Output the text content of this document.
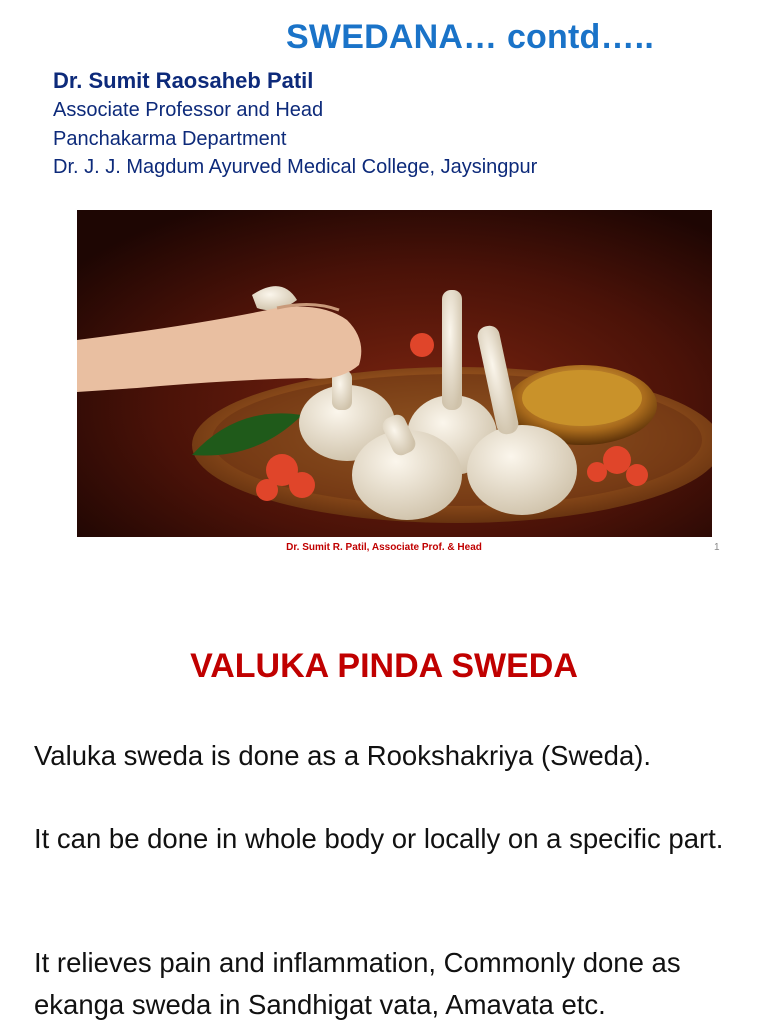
SWEDANA… contd…..
Dr. Sumit Raosaheb Patil
Associate Professor and Head
Panchakarma Department
Dr. J. J. Magdum Ayurved Medical College, Jaysingpur
Dr. Sumit R. Patil, Associate Prof. & Head	1
VALUKA PINDA SWEDA
Valuka sweda is done as a Rookshakriya (Sweda).
It can be done in whole body or locally on a specific part.
It relieves pain and inflammation, Commonly done as ekanga sweda in Sandhigat vata, Amavata etc.
